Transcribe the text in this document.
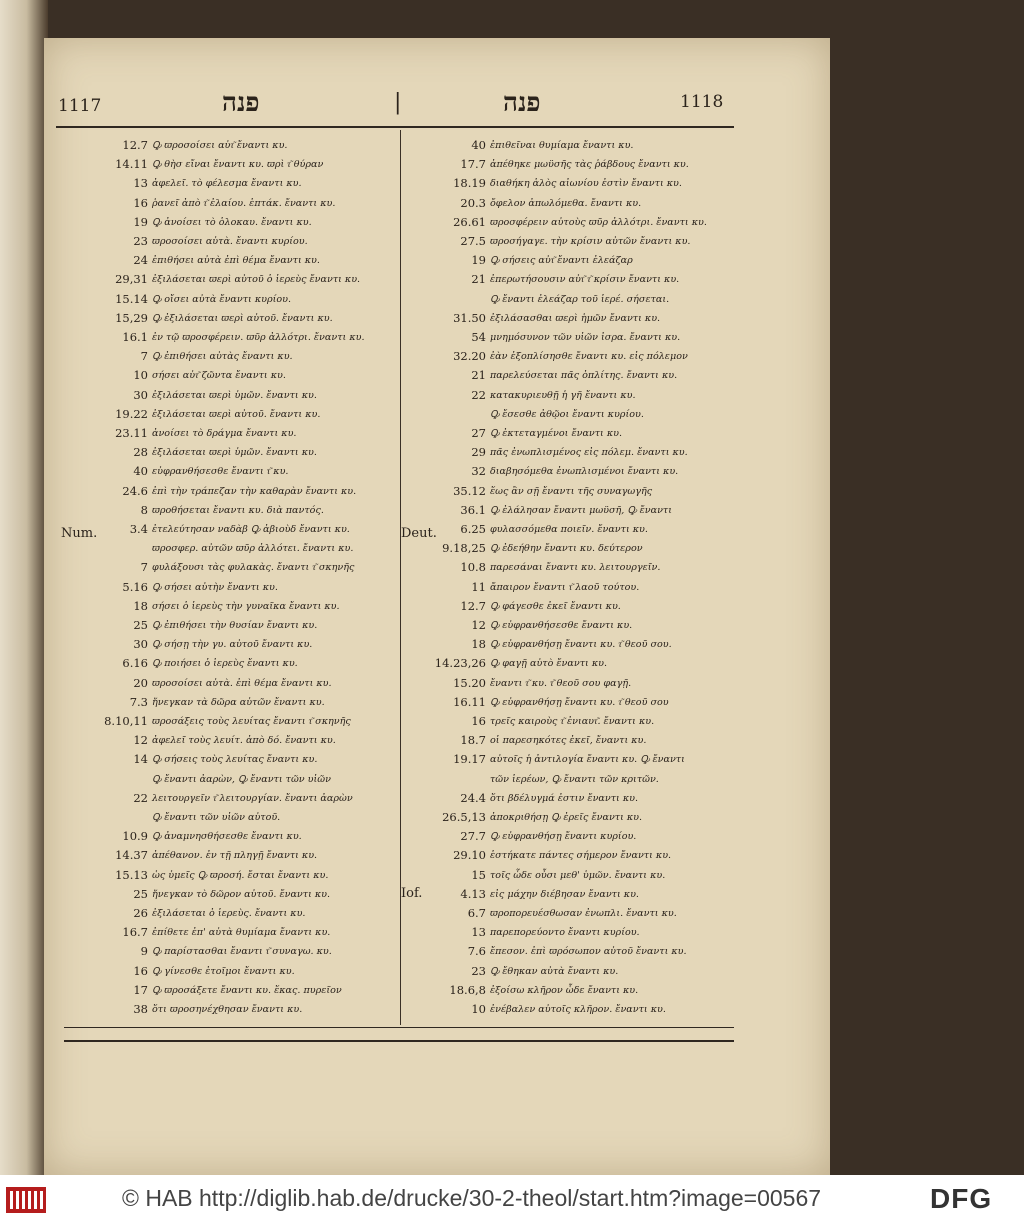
1117	פנה	|	פנה	1118
Num.	Deut.
Iof.
12.7 Ꝙ ϖροσοίσει αὐτ͂ ἔναντι κυ.
14.11 Ꝙ θὴσ εἴναι ἔναντι κυ. ϖρὶ τ͂ θύραν
13 ἀφελεῖ. τὸ φέλεσμα ἔναντι κυ.
16 ῥανεῖ ἀπὸ τ͂ ἐλαίου. ἑπτάκ. ἔναντι κυ.
19 Ꝙ ἀνοίσει τὸ ὁλοκαυ. ἔναντι κυ.
23 ϖροσοίσει αὐτὰ. ἔναντι κυρίου.
24 ἐπιθήσει αὐτὰ ἐπὶ θέμα ἔναντι κυ.
29,31 ἐξιλάσεται ϖερὶ αὐτοῦ ὁ ἱερεὺς ἔναντι κυ.
15.14 Ꝙ οἴσει αὐτὰ ἔναντι κυρίου.
15,29 Ꝙ ἐξιλάσεται ϖερὶ αὐτοῦ. ἔναντι κυ.
16.1 ἐν τῷ ϖροσφέρειν. ϖῦρ ἀλλότρι. ἔναντι κυ.
7 Ꝙ ἐπιθήσει αὐτὰς ἔναντι κυ.
10 σήσει αὐτ͂ ζῶντα ἔναντι κυ.
30 ἐξιλάσεται ϖερὶ ὑμῶν. ἔναντι κυ.
19.22 ἐξιλάσεται ϖερὶ αὐτοῦ. ἔναντι κυ.
23.11 ἀνοίσει τὸ δράγμα ἔναντι κυ.
28 ἐξιλάσεται ϖερὶ ὑμῶν. ἔναντι κυ.
40 εὐφρανθήσεσθε ἔναντι τ͂ κυ.
24.6 ἐπὶ τὴν τράπεζαν τὴν καθαρὰν ἔναντι κυ.
8 ϖροθήσεται ἔναντι κυ. διὰ παντός.
3.4 ἐτελεύτησαν ναδὰβ Ꝙ ἀβιοὺδ ἔναντι κυ.
ϖροσφερ. αὐτῶν ϖῦρ ἀλλότει. ἔναντι κυ.
7 φυλάξουσι τὰς φυλακὰς. ἔναντι τ͂ σκηνῆς
5.16 Ꝙ σήσει αὐτὴν ἔναντι κυ.
18 σήσει ὁ ἱερεὺς τὴν γυναῖκα ἔναντι κυ.
25 Ꝙ ἐπιθήσει τὴν θυσίαν ἔναντι κυ.
30 Ꝙ σήσῃ τὴν γυ. αὐτοῦ ἔναντι κυ.
6.16 Ꝙ ποιήσει ὁ ἱερεὺς ἔναντι κυ.
20 ϖροσοίσει αὐτὰ. ἐπὶ θέμα ἔναντι κυ.
7.3 ἤνεγκαν τὰ δῶρα αὐτῶν ἔναντι κυ.
8.10,11 ϖροσάξεις τοὺς λευίτας ἔναντι τ͂ σκηνῆς
12 ἀφελεῖ τοὺς λευίτ. ἀπὸ δό. ἔναντι κυ.
14 Ꝙ σήσεις τοὺς λευίτας ἔναντι κυ.
Ꝙ ἔναντι ἀαρὼν, Ꝙ ἔναντι τῶν υἱῶν
22 λειτουργεῖν τ͂ λειτουργίαν. ἔναντι ἀαρὼν
Ꝙ ἔναντι τῶν υἱῶν αὐτοῦ.
10.9 Ꝙ ἀναμνησθήσεσθε ἔναντι κυ.
14.37 ἀπέθανον. ἐν τῇ πληγῇ ἔναντι κυ.
15.13 ὡς ὑμεῖς Ꝙ ϖροσή. ἔσται ἔναντι κυ.
25 ἤνεγκαν τὸ δῶρον αὐτοῦ. ἔναντι κυ.
26 ἐξιλάσεται ὁ ἱερεὺς. ἔναντι κυ.
16.7 ἐπίθετε ἐπ' αὐτὰ θυμίαμα ἔναντι κυ.
9 Ꝙ παρίστασθαι ἔναντι τ͂ συναγω. κυ.
16 Ꝙ γίνεσθε ἑτοῖμοι ἔναντι κυ.
17 Ꝙ ϖροσάξετε ἔναντι κυ. ἕκας. πυρεῖον
38 ὅτι ϖροσηνέχθησαν ἔναντι κυ.
40 ἐπιθεῖναι θυμίαμα ἔναντι κυ.
17.7 ἀπέθηκε μωϋσῆς τὰς ῥάβδους ἔναντι κυ.
18.19 διαθήκη ἁλὸς αἰωνίου ἐστὶν ἔναντι κυ.
20.3 ὄφελον ἀπωλόμεθα. ἔναντι κυ.
26.61 ϖροσφέρειν αὐτοὺς ϖῦρ ἀλλότρι. ἔναντι κυ.
27.5 ϖροσήγαγε. τὴν κρίσιν αὐτῶν ἔναντι κυ.
19 Ꝙ σήσεις αὐτ͂ ἔναντι ἐλεάζαρ
21 ἐπερωτήσουσιν αὐτ͂ τ͂ κρίσιν ἔναντι κυ.
Ꝙ ἔναντι ἐλεάζαρ τοῦ ἱερέ. σήσεται.
31.50 ἐξιλάσασθαι ϖερὶ ἡμῶν ἔναντι κυ.
54 μνημόσυνον τῶν υἱῶν ἰσρα. ἔναντι κυ.
32.20 ἐὰν ἐξοπλίσησθε ἔναντι κυ. εἰς πόλεμον
21 παρελεύσεται πᾶς ὁπλίτης. ἔναντι κυ.
22 κατακυριευθῇ ἡ γῆ ἔναντι κυ.
Ꝙ ἔσεσθε ἀθῷοι ἔναντι κυρίου.
27 Ꝙ ἐκτεταγμένοι ἔναντι κυ.
29 πᾶς ἐνωπλισμένος εἰς πόλεμ. ἔναντι κυ.
32 διαβησόμεθα ἐνωπλισμένοι ἔναντι κυ.
35.12 ἕως ἂν σῇ ἔναντι τῆς συναγωγῆς
36.1 Ꝙ ἐλάλησαν ἔναντι μωϋσῆ, Ꝙ ἔναντι
6.25 φυλασσόμεθα ποιεῖν. ἔναντι κυ.
9.18,25 Ꝙ ἐδεήθην ἔναντι κυ. δεύτερον
10.8 παρεσάναι ἔναντι κυ. λειτουργεῖν.
11 ἄπαιρον ἔναντι τ͂ λαοῦ τούτου.
12.7 Ꝙ φάγεσθε ἐκεῖ ἔναντι κυ.
12 Ꝙ εὐφρανθήσεσθε ἔναντι κυ.
18 Ꝙ εὐφρανθήσῃ ἔναντι κυ. τ͂ θεοῦ σου.
14.23,26 Ꝙ φαγῇ αὐτὸ ἔναντι κυ.
15.20 ἔναντι τ͂ κυ. τ͂ θεοῦ σου φαγῇ.
16.11 Ꝙ εὐφρανθήσῃ ἔναντι κυ. τ͂ θεοῦ σου
16 τρεῖς καιροὺς τ͂ ἐνιαυτ͂. ἔναντι κυ.
18.7 οἱ παρεσηκότες ἐκεῖ, ἔναντι κυ.
19.17 αὐτοῖς ἡ ἀντιλογία ἔναντι κυ. Ꝙ ἔναντι
τῶν ἱερέων, Ꝙ ἔναντι τῶν κριτῶν.
24.4 ὅτι βδέλυγμά ἐστιν ἔναντι κυ.
26.5,13 ἀποκριθήσῃ Ꝙ ἐρεῖς ἔναντι κυ.
27.7 Ꝙ εὐφρανθήσῃ ἔναντι κυρίου.
29.10 ἑστήκατε πάντες σήμερον ἔναντι κυ.
15 τοῖς ὧδε οὖσι μεθ' ὑμῶν. ἔναντι κυ.
4.13 εἰς μάχην διέβησαν ἔναντι κυ.
6.7 ϖροπορευέσθωσαν ἐνωπλι. ἔναντι κυ.
13 παρεπορεύοντο ἔναντι κυρίου.
7.6 ἔπεσον. ἐπὶ ϖρόσωπον αὐτοῦ ἔναντι κυ.
23 Ꝙ ἔθηκαν αὐτὰ ἔναντι κυ.
18.6,8 ἐξοίσω κλῆρον ὧδε ἔναντι κυ.
10 ἐνέβαλεν αὐτοῖς κλῆρον. ἔναντι κυ.
© HAB http://diglib.hab.de/drucke/30-2-theol/start.htm?image=00567	DFG
